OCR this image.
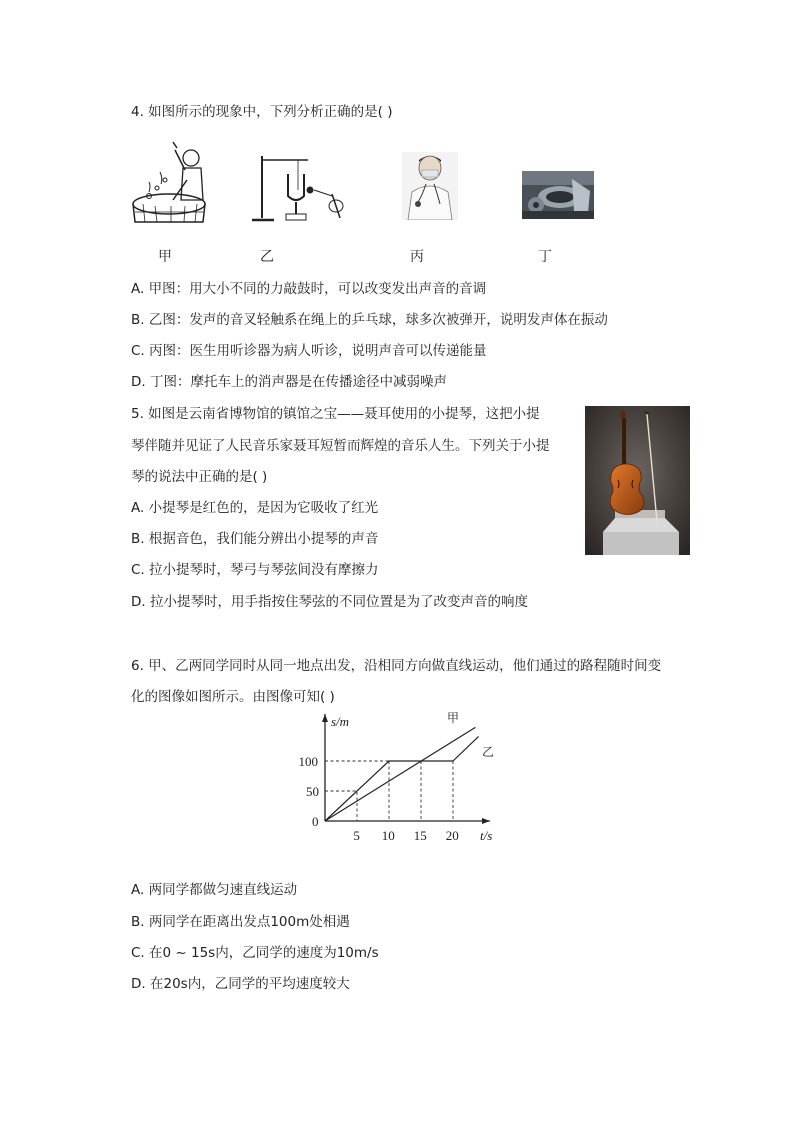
4. 如图所示的现象中，下列分析正确的是( )
甲	乙	丙	丁
A. 甲图：用大小不同的力敲鼓时，可以改变发出声音的音调
B. 乙图：发声的音叉轻触系在绳上的乒乓球，球多次被弹开，说明发声体在振动
C. 丙图：医生用听诊器为病人听诊，说明声音可以传递能量
D. 丁图：摩托车上的消声器是在传播途径中减弱噪声
5. 如图是云南省博物馆的镇馆之宝——聂耳使用的小提琴，这把小提
琴伴随并见证了人民音乐家聂耳短暂而辉煌的音乐人生。下列关于小提
琴的说法中正确的是( )
A. 小提琴是红色的，是因为它吸收了红光
B. 根据音色，我们能分辨出小提琴的声音
C. 拉小提琴时，琴弓与琴弦间没有摩擦力
D. 拉小提琴时，用手指按住琴弦的不同位置是为了改变声音的响度
6. 甲、乙两同学同时从同一地点出发，沿相同方向做直线运动，他们通过的路程随时间变
化的图像如图所示。由图像可知( )
s/m
t/s
0
50
100
5 10 15 20
甲
乙
A. 两同学都做匀速直线运动
B. 两同学在距离出发点100m处相遇
C. 在0 ~ 15s内，乙同学的速度为10m/s
D. 在20s内，乙同学的平均速度较大
